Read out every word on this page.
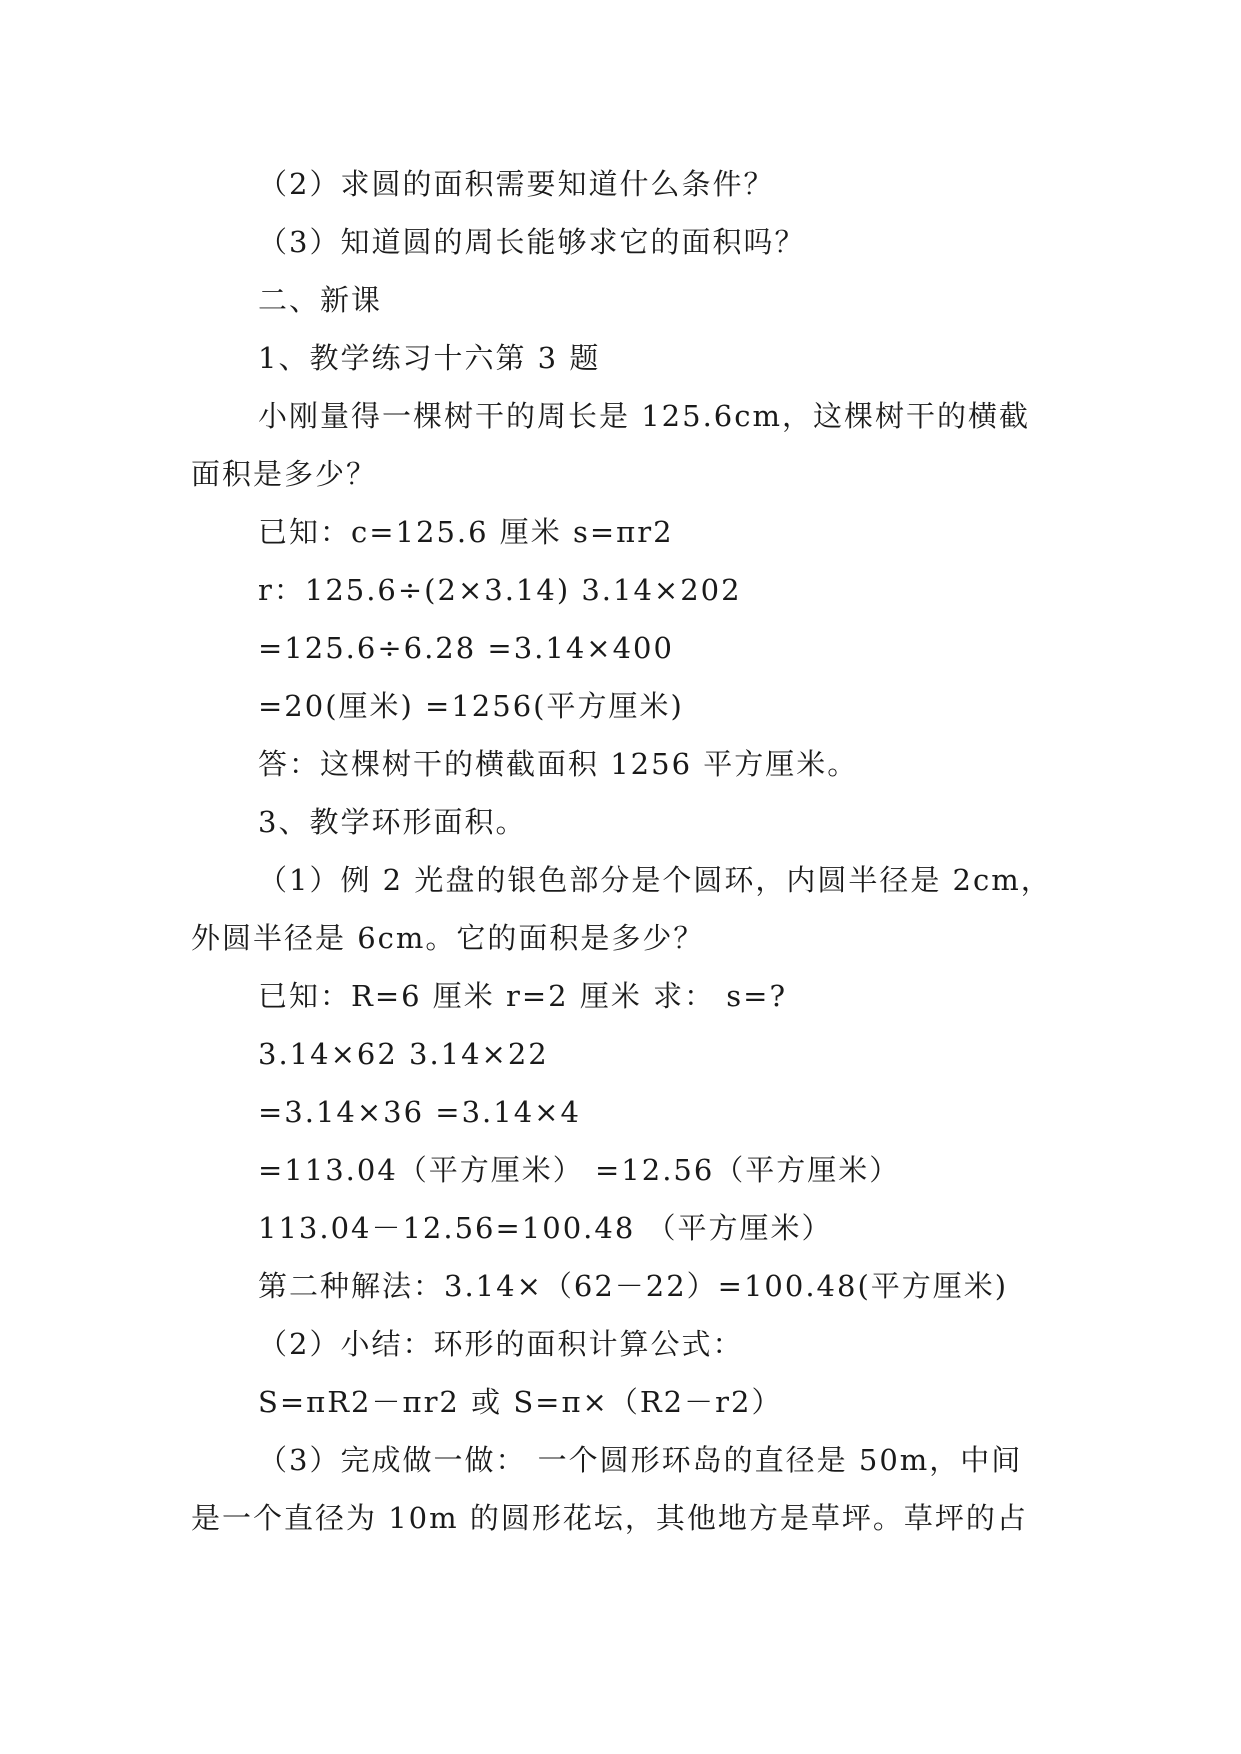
（2）求圆的面积需要知道什么条件？
（3）知道圆的周长能够求它的面积吗？
二、新课
1、教学练习十六第 3 题
小刚量得一棵树干的周长是 125.6cm，这棵树干的横截
面积是多少？
已知：c=125.6 厘米 s=πr2
r：125.6÷(2×3.14) 3.14×202
=125.6÷6.28 =3.14×400
=20(厘米) =1256(平方厘米)
答：这棵树干的横截面积 1256 平方厘米。
3、教学环形面积。
（1）例 2 光盘的银色部分是个圆环，内圆半径是 2cm，
外圆半径是 6cm。它的面积是多少？
已知：R=6 厘米 r=2 厘米 求： s=?
3.14×62 3.14×22
=3.14×36 =3.14×4
=113.04（平方厘米） =12.56（平方厘米）
113.04－12.56=100.48 （平方厘米）
第二种解法：3.14×（62－22）=100.48(平方厘米)
（2）小结：环形的面积计算公式：
S=πR2－πr2 或 S=π×（R2－r2）
（3）完成做一做： 一个圆形环岛的直径是 50m，中间
是一个直径为 10m 的圆形花坛，其他地方是草坪。草坪的占
